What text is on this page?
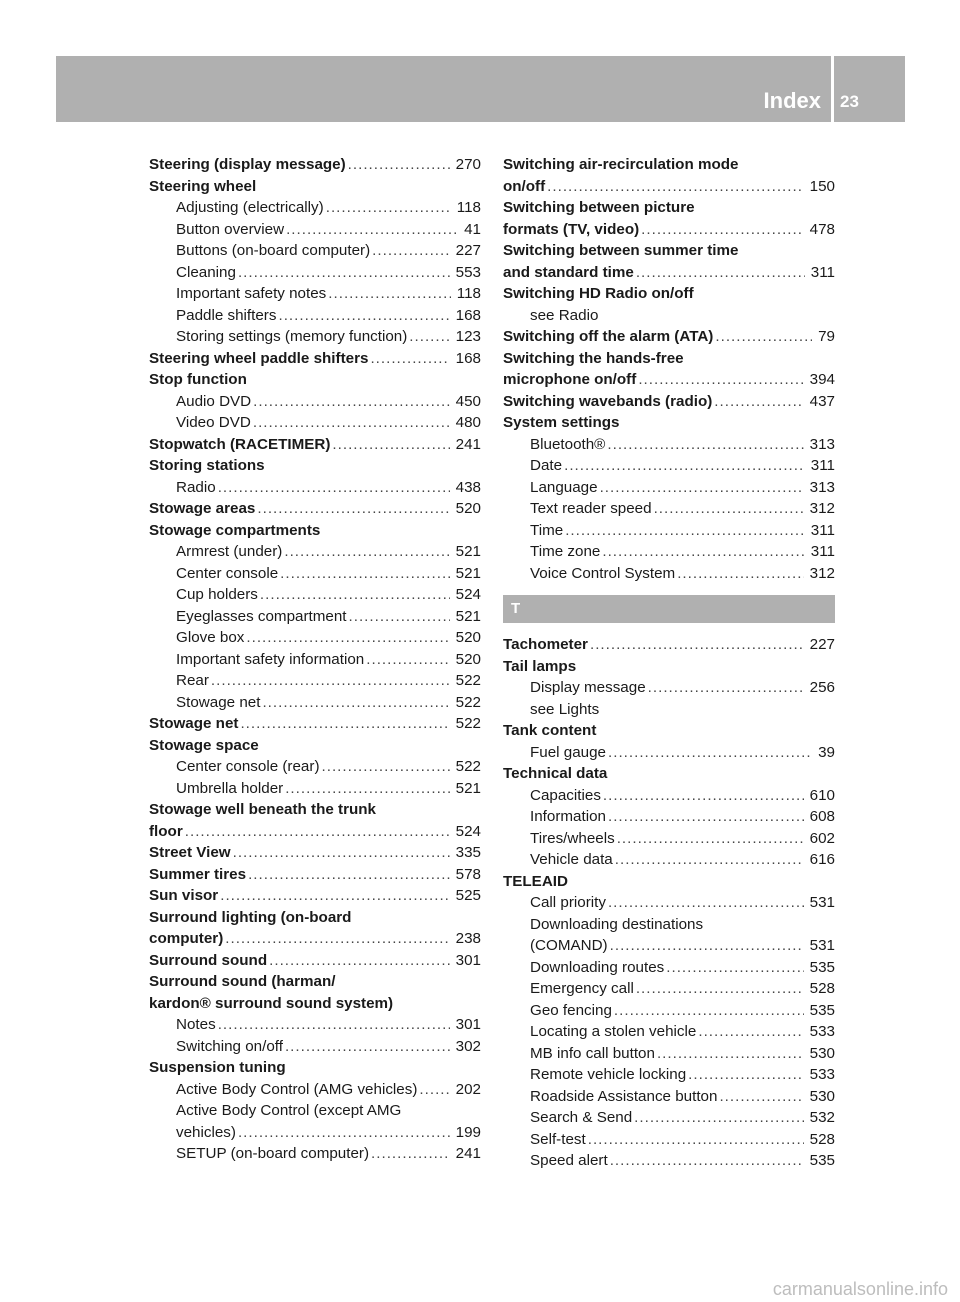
Index 23
Steering (display message) .....	270
Steering wheel
Adjusting (electrically) .....	118
Button overview .....	41
Buttons (on-board computer) .....	227
Cleaning .....	553
Important safety notes .....	118
Paddle shifters .....	168
Storing settings (memory function) .....	123
Steering wheel paddle shifters .....	168
Stop function
Audio DVD .....	450
Video DVD .....	480
Stopwatch (RACETIMER) .....	241
Storing stations
Radio .....	438
Stowage areas .....	520
Stowage compartments
Armrest (under) .....	521
Center console .....	521
Cup holders .....	524
Eyeglasses compartment .....	521
Glove box .....	520
Important safety information .....	520
Rear .....	522
Stowage net .....	522
Stowage net .....	522
Stowage space
Center console (rear) .....	522
Umbrella holder .....	521
Stowage well beneath the trunk
floor .....	524
Street View .....	335
Summer tires .....	578
Sun visor .....	525
Surround lighting (on-board
computer) .....	238
Surround sound .....	301
Surround sound (harman/
kardon® surround sound system)
Notes .....	301
Switching on/off .....	302
Suspension tuning
Active Body Control (AMG vehicles) .....	202
Active Body Control (except AMG
vehicles) .....	199
SETUP (on-board computer) .....	241
Switching air-recirculation mode
on/off .....	150
Switching between picture
formats (TV, video) .....	478
Switching between summer time
and standard time .....	311
Switching HD Radio on/off
see Radio
Switching off the alarm (ATA) .....	79
Switching the hands-free
microphone on/off .....	394
Switching wavebands (radio) .....	437
System settings
Bluetooth® .....	313
Date .....	311
Language .....	313
Text reader speed .....	312
Time .....	311
Time zone .....	311
Voice Control System .....	312
T
Tachometer .....	227
Tail lamps
Display message .....	256
see Lights
Tank content
Fuel gauge .....	39
Technical data
Capacities .....	610
Information .....	608
Tires/wheels .....	602
Vehicle data .....	616
TELEAID
Call priority .....	531
Downloading destinations
(COMAND) .....	531
Downloading routes .....	535
Emergency call .....	528
Geo fencing .....	535
Locating a stolen vehicle .....	533
MB info call button .....	530
Remote vehicle locking .....	533
Roadside Assistance button .....	530
Search & Send .....	532
Self-test .....	528
Speed alert .....	535
carmanualsonline.info
